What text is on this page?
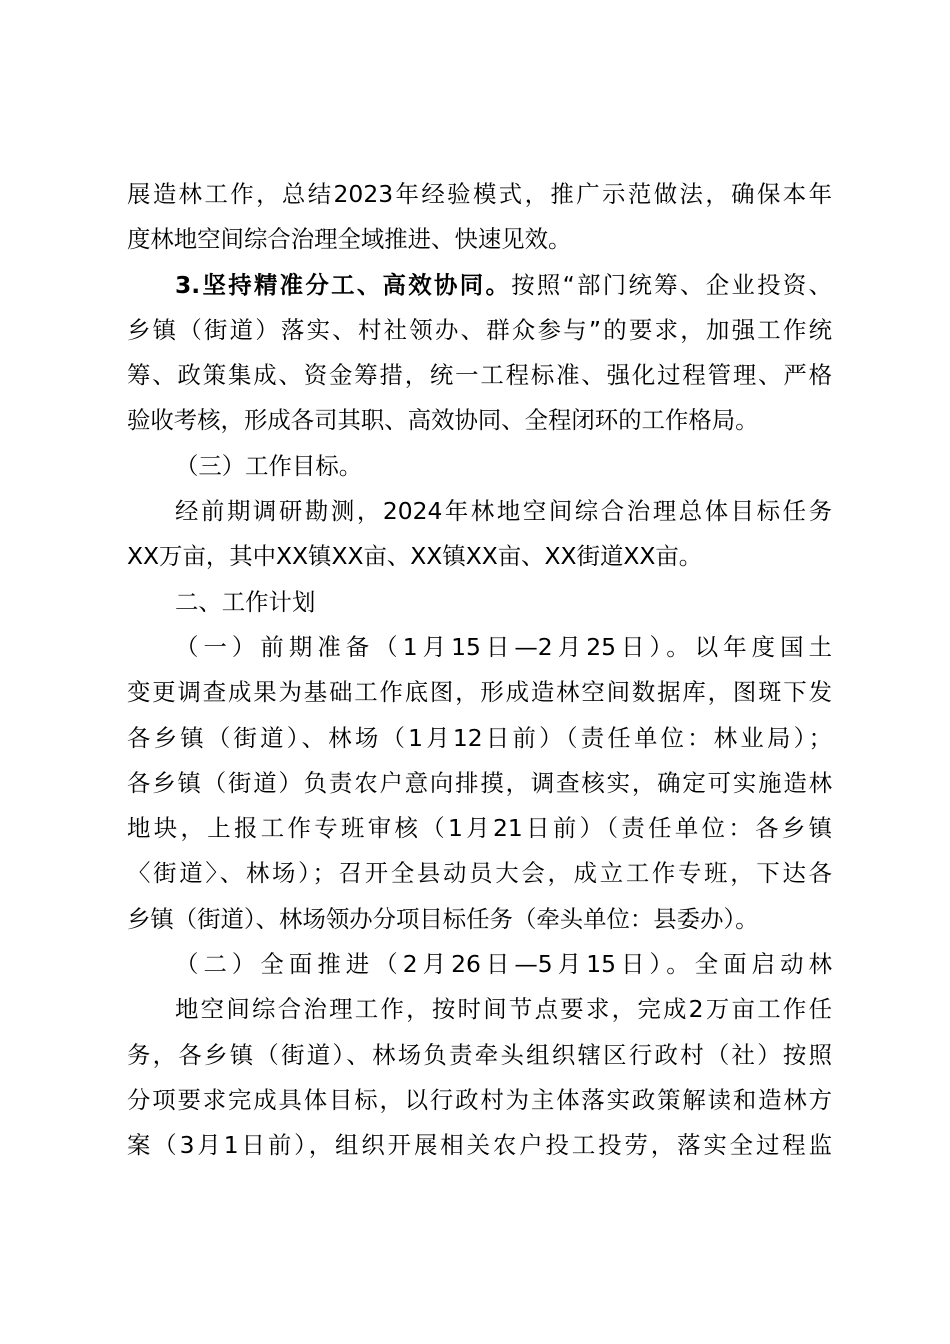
展造林工作，总结2023年经验模式，推广示范做法，确保本年
度林地空间综合治理全域推进、快速见效。
3.坚持精准分工、高效协同。按照“部门统筹、企业投资、
乡镇（街道）落实、村社领办、群众参与”的要求，加强工作统
筹、政策集成、资金筹措，统一工程标准、强化过程管理、严格
验收考核，形成各司其职、高效协同、全程闭环的工作格局。
（三）工作目标。
经前期调研勘测，2024年林地空间综合治理总体目标任务
XX万亩，其中XX镇XX亩、XX镇XX亩、XX街道XX亩。
二、工作计划
（一）前期准备（1月15日—2月25日）。以年度国土
变更调查成果为基础工作底图，形成造林空间数据库，图斑下发
各乡镇（街道）、林场（1月12日前）（责任单位：林业局）；
各乡镇（街道）负责农户意向排摸，调查核实，确定可实施造林
地块，上报工作专班审核（1月21日前）（责任单位：各乡镇
〈街道〉、林场）；召开全县动员大会，成立工作专班，下达各
乡镇（街道）、林场领办分项目标任务（牵头单位：县委办）。
（二）全面推进（2月26日—5月15日）。全面启动林
地空间综合治理工作，按时间节点要求，完成2万亩工作任
务，各乡镇（街道）、林场负责牵头组织辖区行政村（社）按照
分项要求完成具体目标，以行政村为主体落实政策解读和造林方
案（3月1日前），组织开展相关农户投工投劳，落实全过程监
